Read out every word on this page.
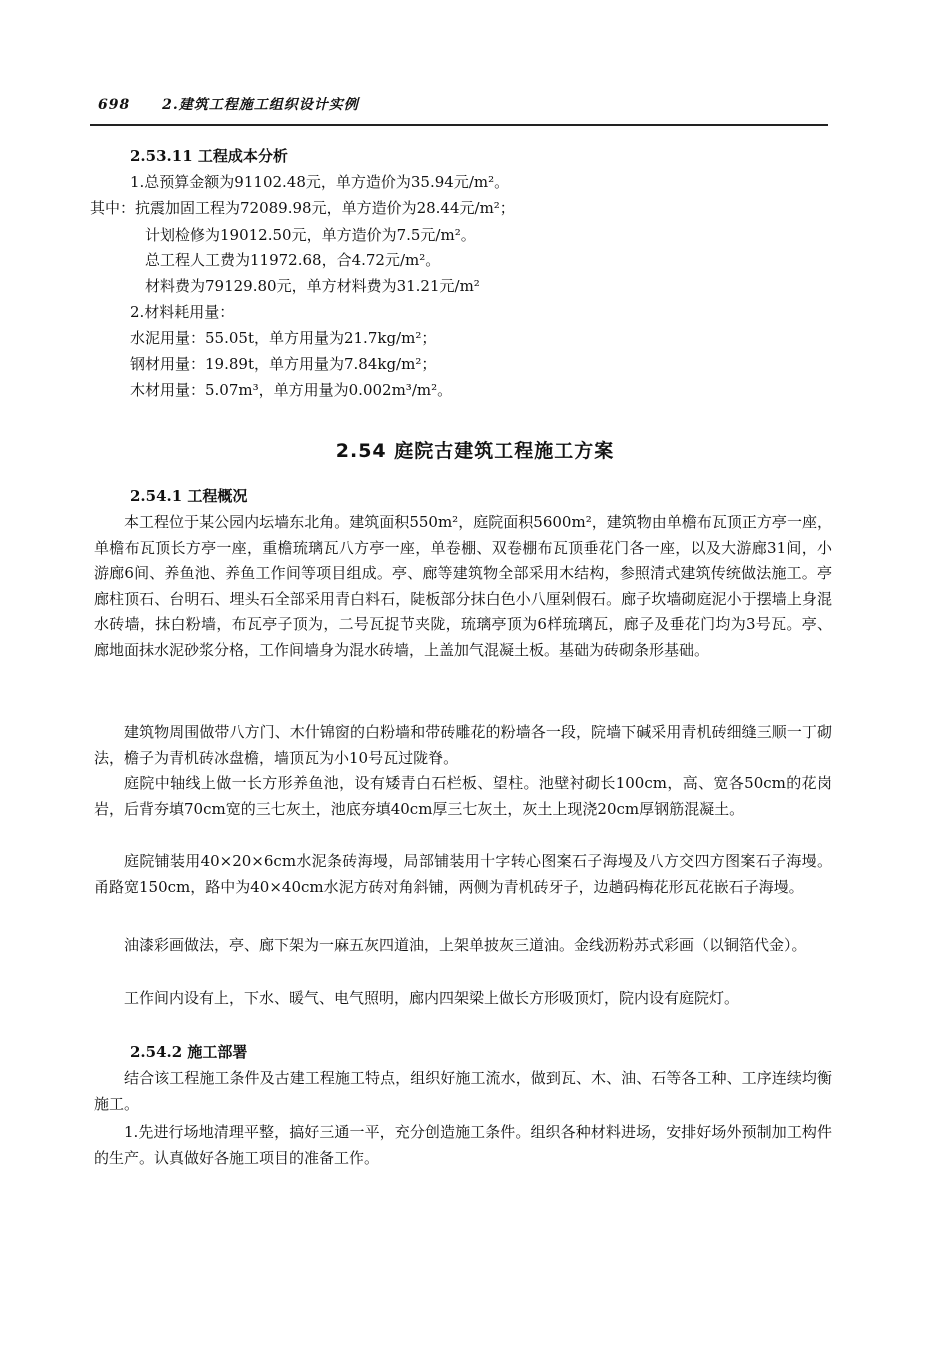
698 2.建筑工程施工组织设计实例
2.53.11 工程成本分析
1.总预算金额为91102.48元，单方造价为35.94元/m²。
其中：抗震加固工程为72089.98元，单方造价为28.44元/m²；
计划检修为19012.50元，单方造价为7.5元/m²。
总工程人工费为11972.68，合4.72元/m²。
材料费为79129.80元，单方材料费为31.21元/m²
2.材料耗用量：
水泥用量：55.05t，单方用量为21.7kg/m²；
钢材用量：19.89t，单方用量为7.84kg/m²；
木材用量：5.07m³，单方用量为0.002m³/m²。
2.54 庭院古建筑工程施工方案
2.54.1 工程概况

本工程位于某公园内坛墙东北角。建筑面积550m²，庭院面积5600m²，建筑物由单檐布瓦顶正方亭一座，单檐布瓦顶长方亭一座，重檐琉璃瓦八方亭一座，单卷棚、双卷棚布瓦顶垂花门各一座，以及大游廊31间，小游廊6间、养鱼池、养鱼工作间等项目组成。亭、廊等建筑物全部采用木结构，参照清式建筑传统做法施工。亭廊柱顶石、台明石、埋头石全部采用青白料石，陡板部分抹白色小八厘剁假石。廊子坎墙砌庭泥小于摆墙上身混水砖墙，抹白粉墙，布瓦亭子顶为，二号瓦捉节夹陇，琉璃亭顶为6样琉璃瓦，廊子及垂花门均为3号瓦。亭、廊地面抹水泥砂浆分格，工作间墙身为混水砖墙，上盖加气混凝土板。基础为砖砌条形基础。

建筑物周围做带八方门、木什锦窗的白粉墙和带砖雕花的粉墙各一段，院墙下碱采用青机砖细缝三顺一丁砌法，檐子为青机砖冰盘檐，墙顶瓦为小10号瓦过陇脊。

庭院中轴线上做一长方形养鱼池，设有矮青白石栏板、望柱。池壁衬砌长100cm，高、宽各50cm的花岗岩，后背夯填70cm宽的三七灰土，池底夯填40cm厚三七灰土，灰土上现浇20cm厚钢筋混凝土。

庭院铺装用40×20×6cm水泥条砖海墁，局部铺装用十字转心图案石子海墁及八方交四方图案石子海墁。甬路宽150cm，路中为40×40cm水泥方砖对角斜铺，两侧为青机砖牙子，边趟码梅花形瓦花嵌石子海墁。

油漆彩画做法，亭、廊下架为一麻五灰四道油，上架单披灰三道油。金线沥粉苏式彩画（以铜箔代金）。

工作间内设有上，下水、暖气、电气照明，廊内四架梁上做长方形吸顶灯，院内设有庭院灯。

2.54.2 施工部署

结合该工程施工条件及古建工程施工特点，组织好施工流水，做到瓦、木、油、石等各工种、工序连续均衡施工。

1.先进行场地清理平整，搞好三通一平，充分创造施工条件。组织各种材料进场，安排好场外预制加工构件的生产。认真做好各施工项目的准备工作。
